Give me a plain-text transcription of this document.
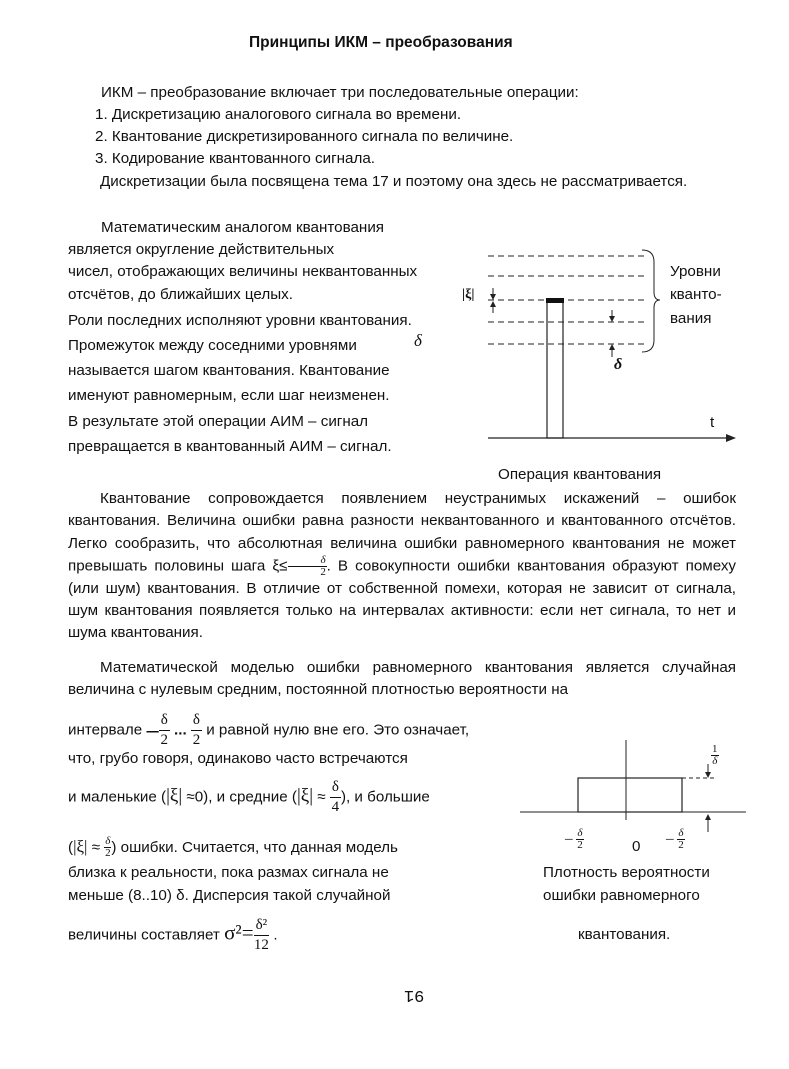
Принципы ИКМ – преобразования
ИКМ – преобразование включает три последовательные операции:
1. Дискретизацию аналогового сигнала во времени.
2. Квантование дискретизированного сигнала по величине.
3. Кодирование квантованного сигнала.
Дискретизации была посвящена тема 17 и поэтому она здесь не рассматривается.
Математическим аналогом квантования
является округление действительных
чисел, отображающих величины неквантованных
отсчётов, до ближайших целых.
Роли последних исполняют уровни квантования.
Промежуток между соседними уровнями	δ
называется шагом квантования. Квантование
именуют равномерным, если шаг неизменен.
В результате этой операции АИМ – сигнал
превращается в квантованный АИМ – сигнал.
|ξ|
δ
Уровни
кванто-
вания
t
Операция квантования
Квантование сопровождается появлением неустранимых искажений – ошибок квантования. Величина ошибки равна разности неквантованного и квантованного отсчётов. Легко сообразить, что абсолютная величина ошибки равномерного квантования не может превышать половины шага $\xi\le \frac{\delta}{2}$ . В совокупности ошибки квантования образуют помеху (или шум) квантования. В отличие от собственной помехи, которая не зависит от сигнала, шум квантования появляется только на интервалах активности: если нет сигнала, то нет и шума квантования.
Математической моделью ошибки равномерного квантования является случайная величина с нулевым средним, постоянной плотностью вероятности на
интервале – $\frac{\delta}{2}$ ... $\frac{\delta}{2}$ и равной нулю вне его. Это означает,
что, грубо говоря, одинаково часто встречаются
и маленькие (|ξ| ≈0), и средние ($|\xi| \approx \frac{\delta}{4}$ ), и большие
($|\xi| \approx \frac{\delta}{2}$ ) ошибки. Считается, что данная модель
близка к реальности, пока размах сигнала не
меньше (8..10) δ. Дисперсия такой случайной
величины составляет $\sigma^2= \frac{\text{δ²}}{12}$ .
$\frac{1}{\delta}$
– $\frac{\delta}{2}$	$0 - \frac{\delta}{2}$
Плотность вероятности
ошибки равномерного
квантования.
91
